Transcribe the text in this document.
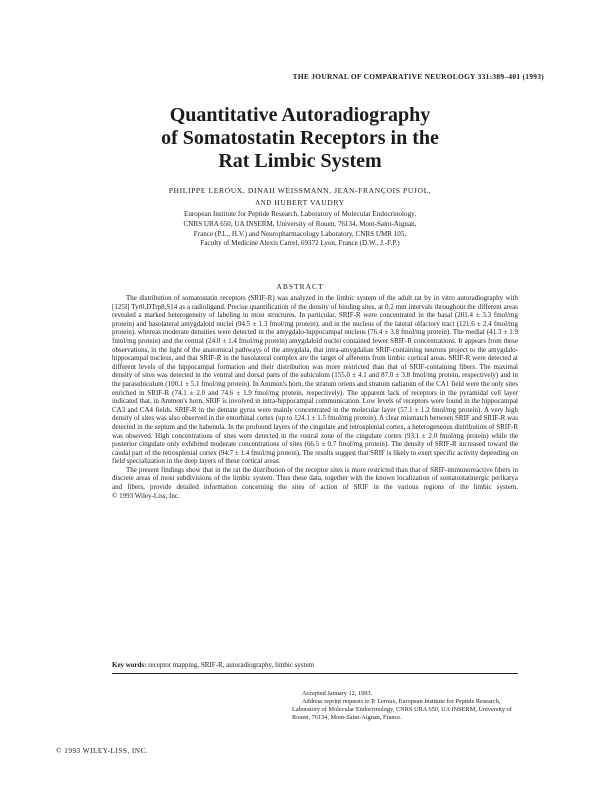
THE JOURNAL OF COMPARATIVE NEUROLOGY 331:389–401 (1993)
Quantitative Autoradiography
of Somatostatin Receptors in the
Rat Limbic System
PHILIPPE LEROUX, DINAH WEISSMANN, JEAN-FRANÇOIS PUJOL,
AND HUBERT VAUDRY
European Institute for Peptide Research, Laboratory of Molecular Endocrinology,
CNRS URA 650, UA INSERM, University of Rouen, 76134, Mont-Saint-Aignan,
France (P.L., H.V.) and Neuropharmacology Laboratory, CNRS UMR 105,
Faculty of Medicine Alexis Carrel, 69372 Lyon, France (D.W., J.-F.P.)
ABSTRACT

The distribution of somatostatin receptors (SRIF-R) was analyzed in the limbic system of the adult rat by in vitro autoradiography with [125I] Tyr0,DTrp8,S14 as a radioligand. Precise quantification of the density of binding sites, at 0.2 mm intervals throughout the different areas revealed a marked heterogeneity of labeling in most structures. In particular, SRIF-R were concentrated in the basal (201.4 ± 3.3 fmol/mg protein) and basolateral amygdaloid nuclei (94.5 ± 1.3 fmol/mg protein), and in the nucleus of the lateral olfactory tract (121.6 ± 2.4 fmol/mg protein), whereas moderate densities were detected in the amygdalo-hippocampal nucleus (76.4 ± 3.8 fmol/mg protein). The medial (41.3 ± 1.9 fmol/mg protein) and the central (24.0 ± 1.4 fmol/mg protein) amygdaloid nuclei contained fewer SRIF-R concentrations. It appears from these observations, in the light of the anatomical pathways of the amygdala, that intra-amygdalian SRIF-containing neurons project to the amygdalo-hippocampal nucleus, and that SRIF-R in the basolateral complex are the target of afferents from limbic cortical areas. SRIF-R were detected at different levels of the hippocampal formation and their distribution was more restricted than that of SRIF-containing fibers. The maximal density of sites was detected in the ventral and dorsal parts of the subiculum (155.0 ± 4.1 and 87.0 ± 3.8 fmol/mg protein, respectively) and in the parasubiculum (100.1 ± 5.1 fmol/mg protein). In Ammon's horn, the stratum oriens and stratum radiatum of the CA1 field were the only sites enriched in SRIF-R (74.1 ± 2.0 and 74.6 ± 1.9 fmol/mg protein, respectively). The apparent lack of receptors in the pyramidal cell layer indicated that, in Ammon's horn, SRIF is involved in intra-hippocampal communication. Low levels of receptors were found in the hippocampal CA3 and CA4 fields. SRIF-R in the dentate gyrus were mainly concentrated in the molecular layer (57.1 ± 1.2 fmol/mg protein). A very high density of sites was also observed in the entorhinal cortex (up to 124.1 ± 1.5 fmol/mg protein). A clear mismatch between SRIF and SRIF-R was detected in the septum and the habenula. In the profound layers of the cingulate and retrosplenial cortex, a heterogeneous distribution of SRIF-R was observed. High concentrations of sites were detected in the rostral zone of the cingulate cortex (93.1 ± 2.0 fmol/mg protein) while the posterior cingulate only exhibited moderate concentrations of sites (66.5 ± 0.7 fmol/mg protein). The density of SRIF-R increased toward the caudal part of the retrosplenial cortex (94.7 ± 1.4 fmol/mg protein). The results suggest that SRIF is likely to exert specific activity depending on field specialization in the deep layers of these cortical areas.

The present findings show that in the rat the distribution of the receptor sites is more restricted than that of SRIF-immunoreactive fibers in discrete areas of most subdivisions of the limbic system. Thus these data, together with the known localization of somatostatinergic perikarya and fibers, provide detailed information concerning the sites of action of SRIF in the various regions of the limbic system. © 1993 Wiley-Liss, Inc.

Key words: receptor mapping, SRIF-R, autoradiography, limbic system

Accepted January 12, 1993.

Address reprint requests to P. Leroux, European Institute for Peptide Research, Laboratory of Molecular Endocrinology, CNRS URA 650, UA INSERM, University of Rouen, 76134, Mont-Saint-Aignan, France.

© 1993 WILEY-LISS, INC.
